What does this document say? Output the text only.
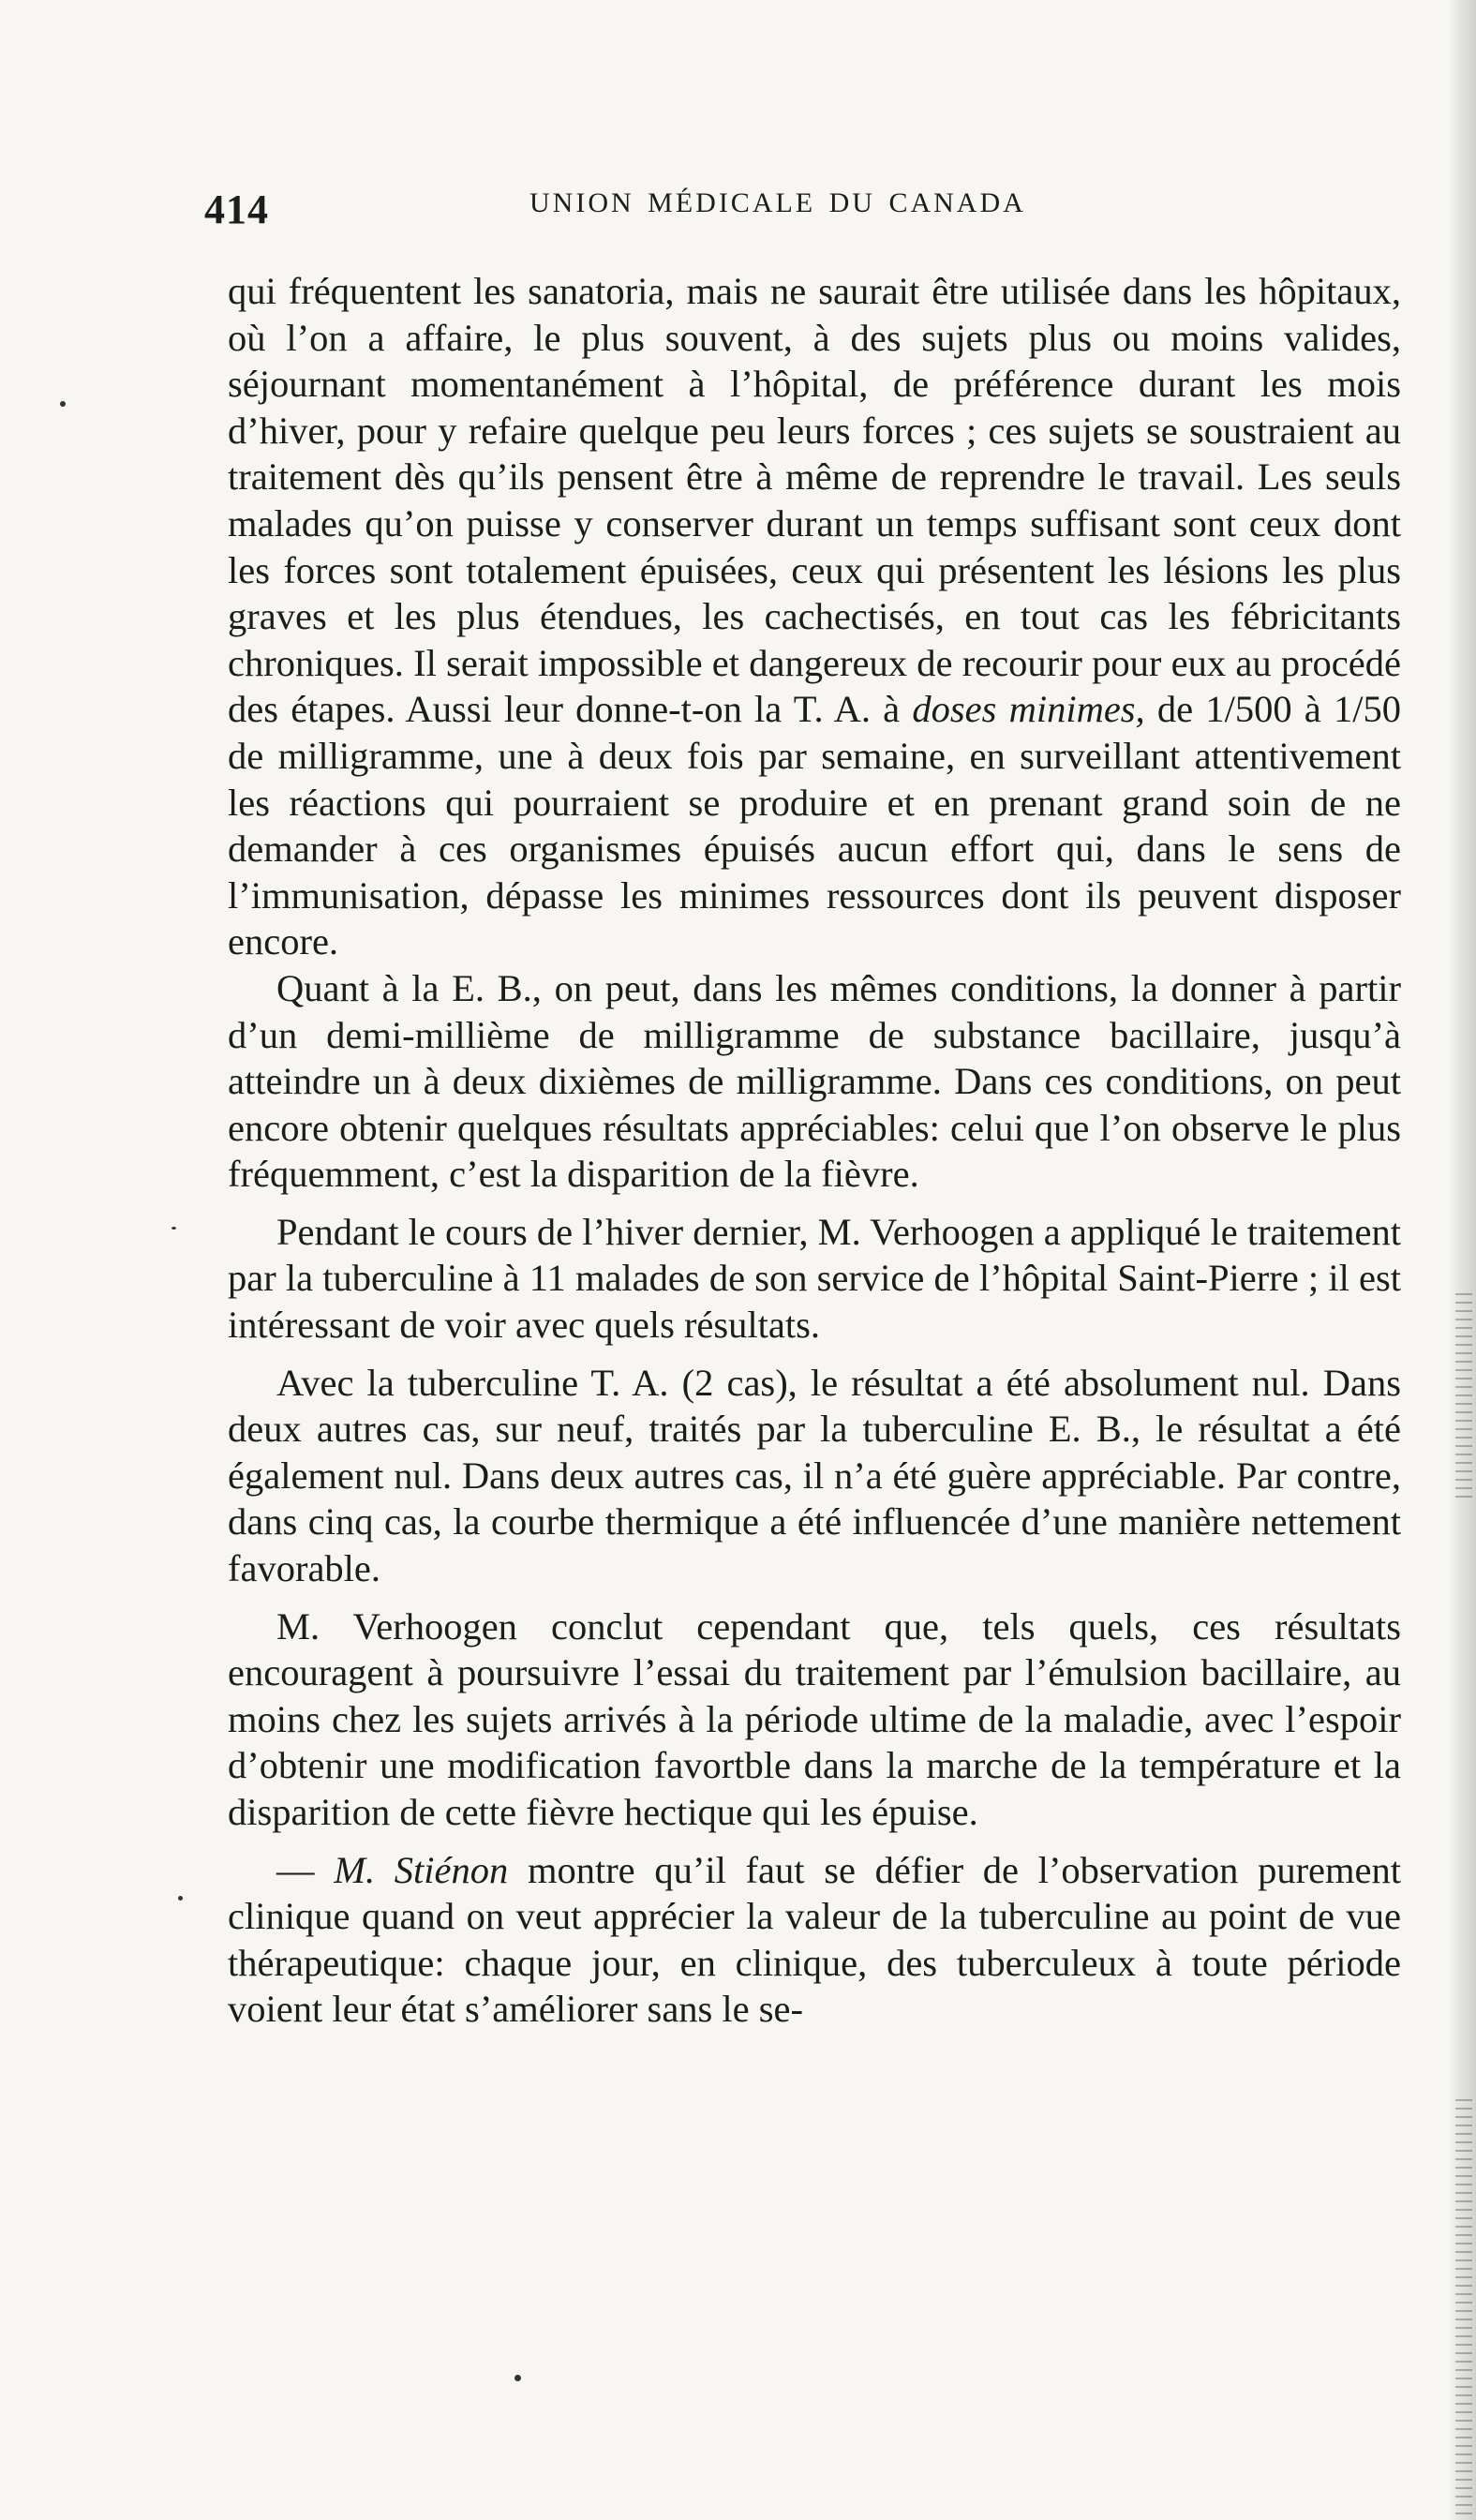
414	UNION MÉDICALE DU CANADA

qui fréquentent les sanatoria, mais ne saurait être utilisée dans les hôpitaux, où l’on a affaire, le plus souvent, à des sujets plus ou moins valides, séjournant momentanément à l’hôpital, de préférence durant les mois d’hiver, pour y refaire quelque peu leurs forces ; ces sujets se soustraient au traitement dès qu’ils pensent être à même de reprendre le travail. Les seuls malades qu’on puisse y conserver durant un temps suffisant sont ceux dont les forces sont totalement épuisées, ceux qui présentent les lésions les plus graves et les plus étendues, les cachectisés, en tout cas les fébricitants chroniques. Il serait impossible et dangereux de recourir pour eux au procédé des étapes. Aussi leur donne-t-on la T. A. à doses minimes, de 1/500 à 1/50 de milligramme, une à deux fois par semaine, en surveillant attentivement les réactions qui pourraient se produire et en prenant grand soin de ne demander à ces organismes épuisés aucun effort qui, dans le sens de l’immunisation, dépasse les minimes ressources dont ils peuvent disposer encore.

Quant à la E. B., on peut, dans les mêmes conditions, la donner à partir d’un demi-millième de milligramme de substance bacillaire, jusqu’à atteindre un à deux dixièmes de milligramme. Dans ces conditions, on peut encore obtenir quelques résultats appréciables: celui que l’on observe le plus fréquemment, c’est la disparition de la fièvre.

Pendant le cours de l’hiver dernier, M. Verhoogen a appliqué le traitement par la tuberculine à 11 malades de son service de l’hôpital Saint-Pierre ; il est intéressant de voir avec quels résultats.

Avec la tuberculine T. A. (2 cas), le résultat a été absolument nul. Dans deux autres cas, sur neuf, traités par la tuberculine E. B., le résultat a été également nul. Dans deux autres cas, il n’a été guère appréciable. Par contre, dans cinq cas, la courbe thermique a été influencée d’une manière nettement favorable.

M. Verhoogen conclut cependant que, tels quels, ces résultats encouragent à poursuivre l’essai du traitement par l’émulsion bacillaire, au moins chez les sujets arrivés à la période ultime de la maladie, avec l’espoir d’obtenir une modification favortble dans la marche de la température et la disparition de cette fièvre hectique qui les épuise.

— M. Stiénon montre qu’il faut se défier de l’observation purement clinique quand on veut apprécier la valeur de la tuberculine au point de vue thérapeutique: chaque jour, en clinique, des tuberculeux à toute période voient leur état s’améliorer sans le se-
